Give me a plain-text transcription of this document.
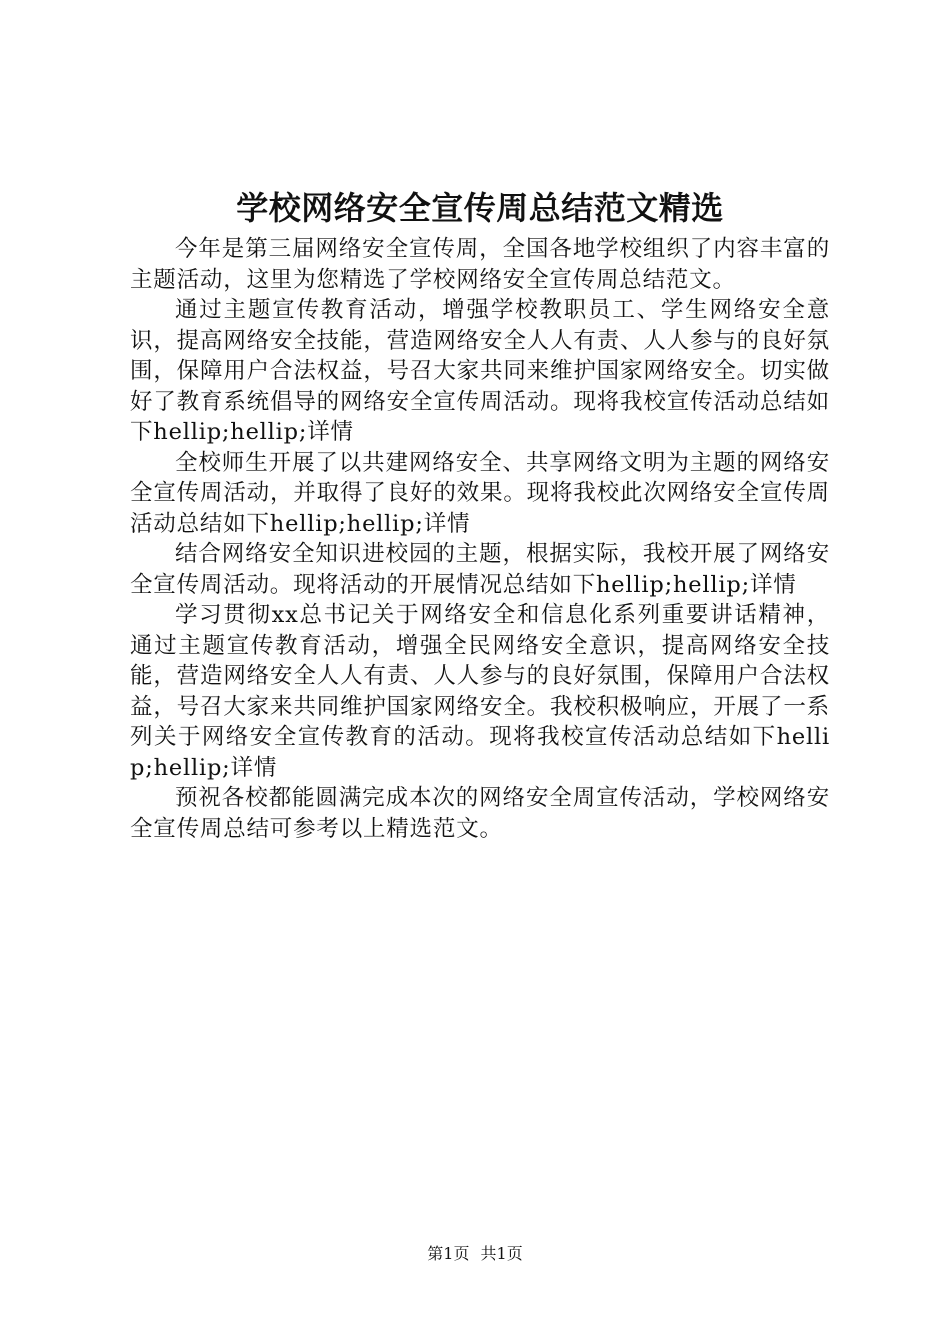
学校网络安全宣传周总结范文精选

今年是第三届网络安全宣传周，全国各地学校组织了内容丰富的主题活动，这里为您精选了学校网络安全宣传周总结范文。

通过主题宣传教育活动，增强学校教职员工、学生网络安全意识，提高网络安全技能，营造网络安全人人有责、人人参与的良好氛围，保障用户合法权益，号召大家共同来维护国家网络安全。切实做好了教育系统倡导的网络安全宣传周活动。现将我校宣传活动总结如下hellip;hellip;详情

全校师生开展了以共建网络安全、共享网络文明为主题的网络安全宣传周活动，并取得了良好的效果。现将我校此次网络安全宣传周活动总结如下hellip;hellip;详情

结合网络安全知识进校园的主题，根据实际，我校开展了网络安全宣传周活动。现将活动的开展情况总结如下hellip;hellip;详情

学习贯彻xx总书记关于网络安全和信息化系列重要讲话精神，通过主题宣传教育活动，增强全民网络安全意识，提高网络安全技能，营造网络安全人人有责、人人参与的良好氛围，保障用户合法权益，号召大家来共同维护国家网络安全。我校积极响应，开展了一系列关于网络安全宣传教育的活动。现将我校宣传活动总结如下hellip;hellip;详情

预祝各校都能圆满完成本次的网络安全周宣传活动，学校网络安全宣传周总结可参考以上精选范文。

第1页 共1页
